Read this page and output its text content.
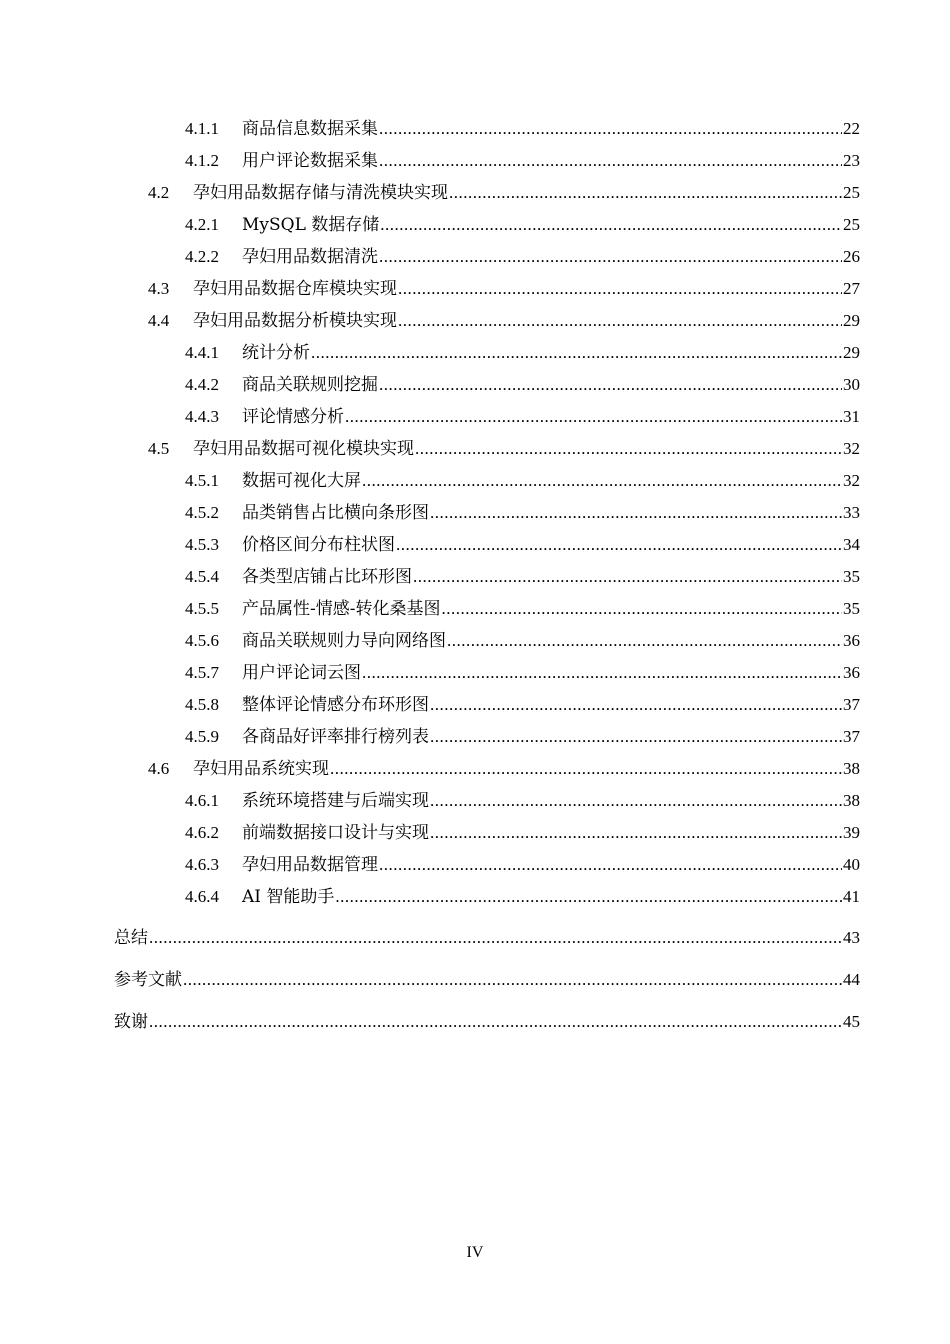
4.1.1	商品信息数据采集 .....	22
4.1.2	用户评论数据采集 .....	23
4.2	孕妇用品数据存储与清洗模块实现 .....	25
4.2.1	MySQL 数据存储 .....	25
4.2.2	孕妇用品数据清洗 .....	26
4.3	孕妇用品数据仓库模块实现 .....	27
4.4	孕妇用品数据分析模块实现 .....	29
4.4.1	统计分析 .....	29
4.4.2	商品关联规则挖掘 .....	30
4.4.3	评论情感分析 .....	31
4.5	孕妇用品数据可视化模块实现 .....	32
4.5.1	数据可视化大屏 .....	32
4.5.2	品类销售占比横向条形图 .....	33
4.5.3	价格区间分布柱状图 .....	34
4.5.4	各类型店铺占比环形图 .....	35
4.5.5	产品属性-情感-转化桑基图 .....	35
4.5.6	商品关联规则力导向网络图 .....	36
4.5.7	用户评论词云图 .....	36
4.5.8	整体评论情感分布环形图 .....	37
4.5.9	各商品好评率排行榜列表 .....	37
4.6	孕妇用品系统实现 .....	38
4.6.1	系统环境搭建与后端实现 .....	38
4.6.2	前端数据接口设计与实现 .....	39
4.6.3	孕妇用品数据管理 .....	40
4.6.4	AI 智能助手 .....	41
总结 .....	43
参考文献 .....	44
致谢 .....	45
IV
